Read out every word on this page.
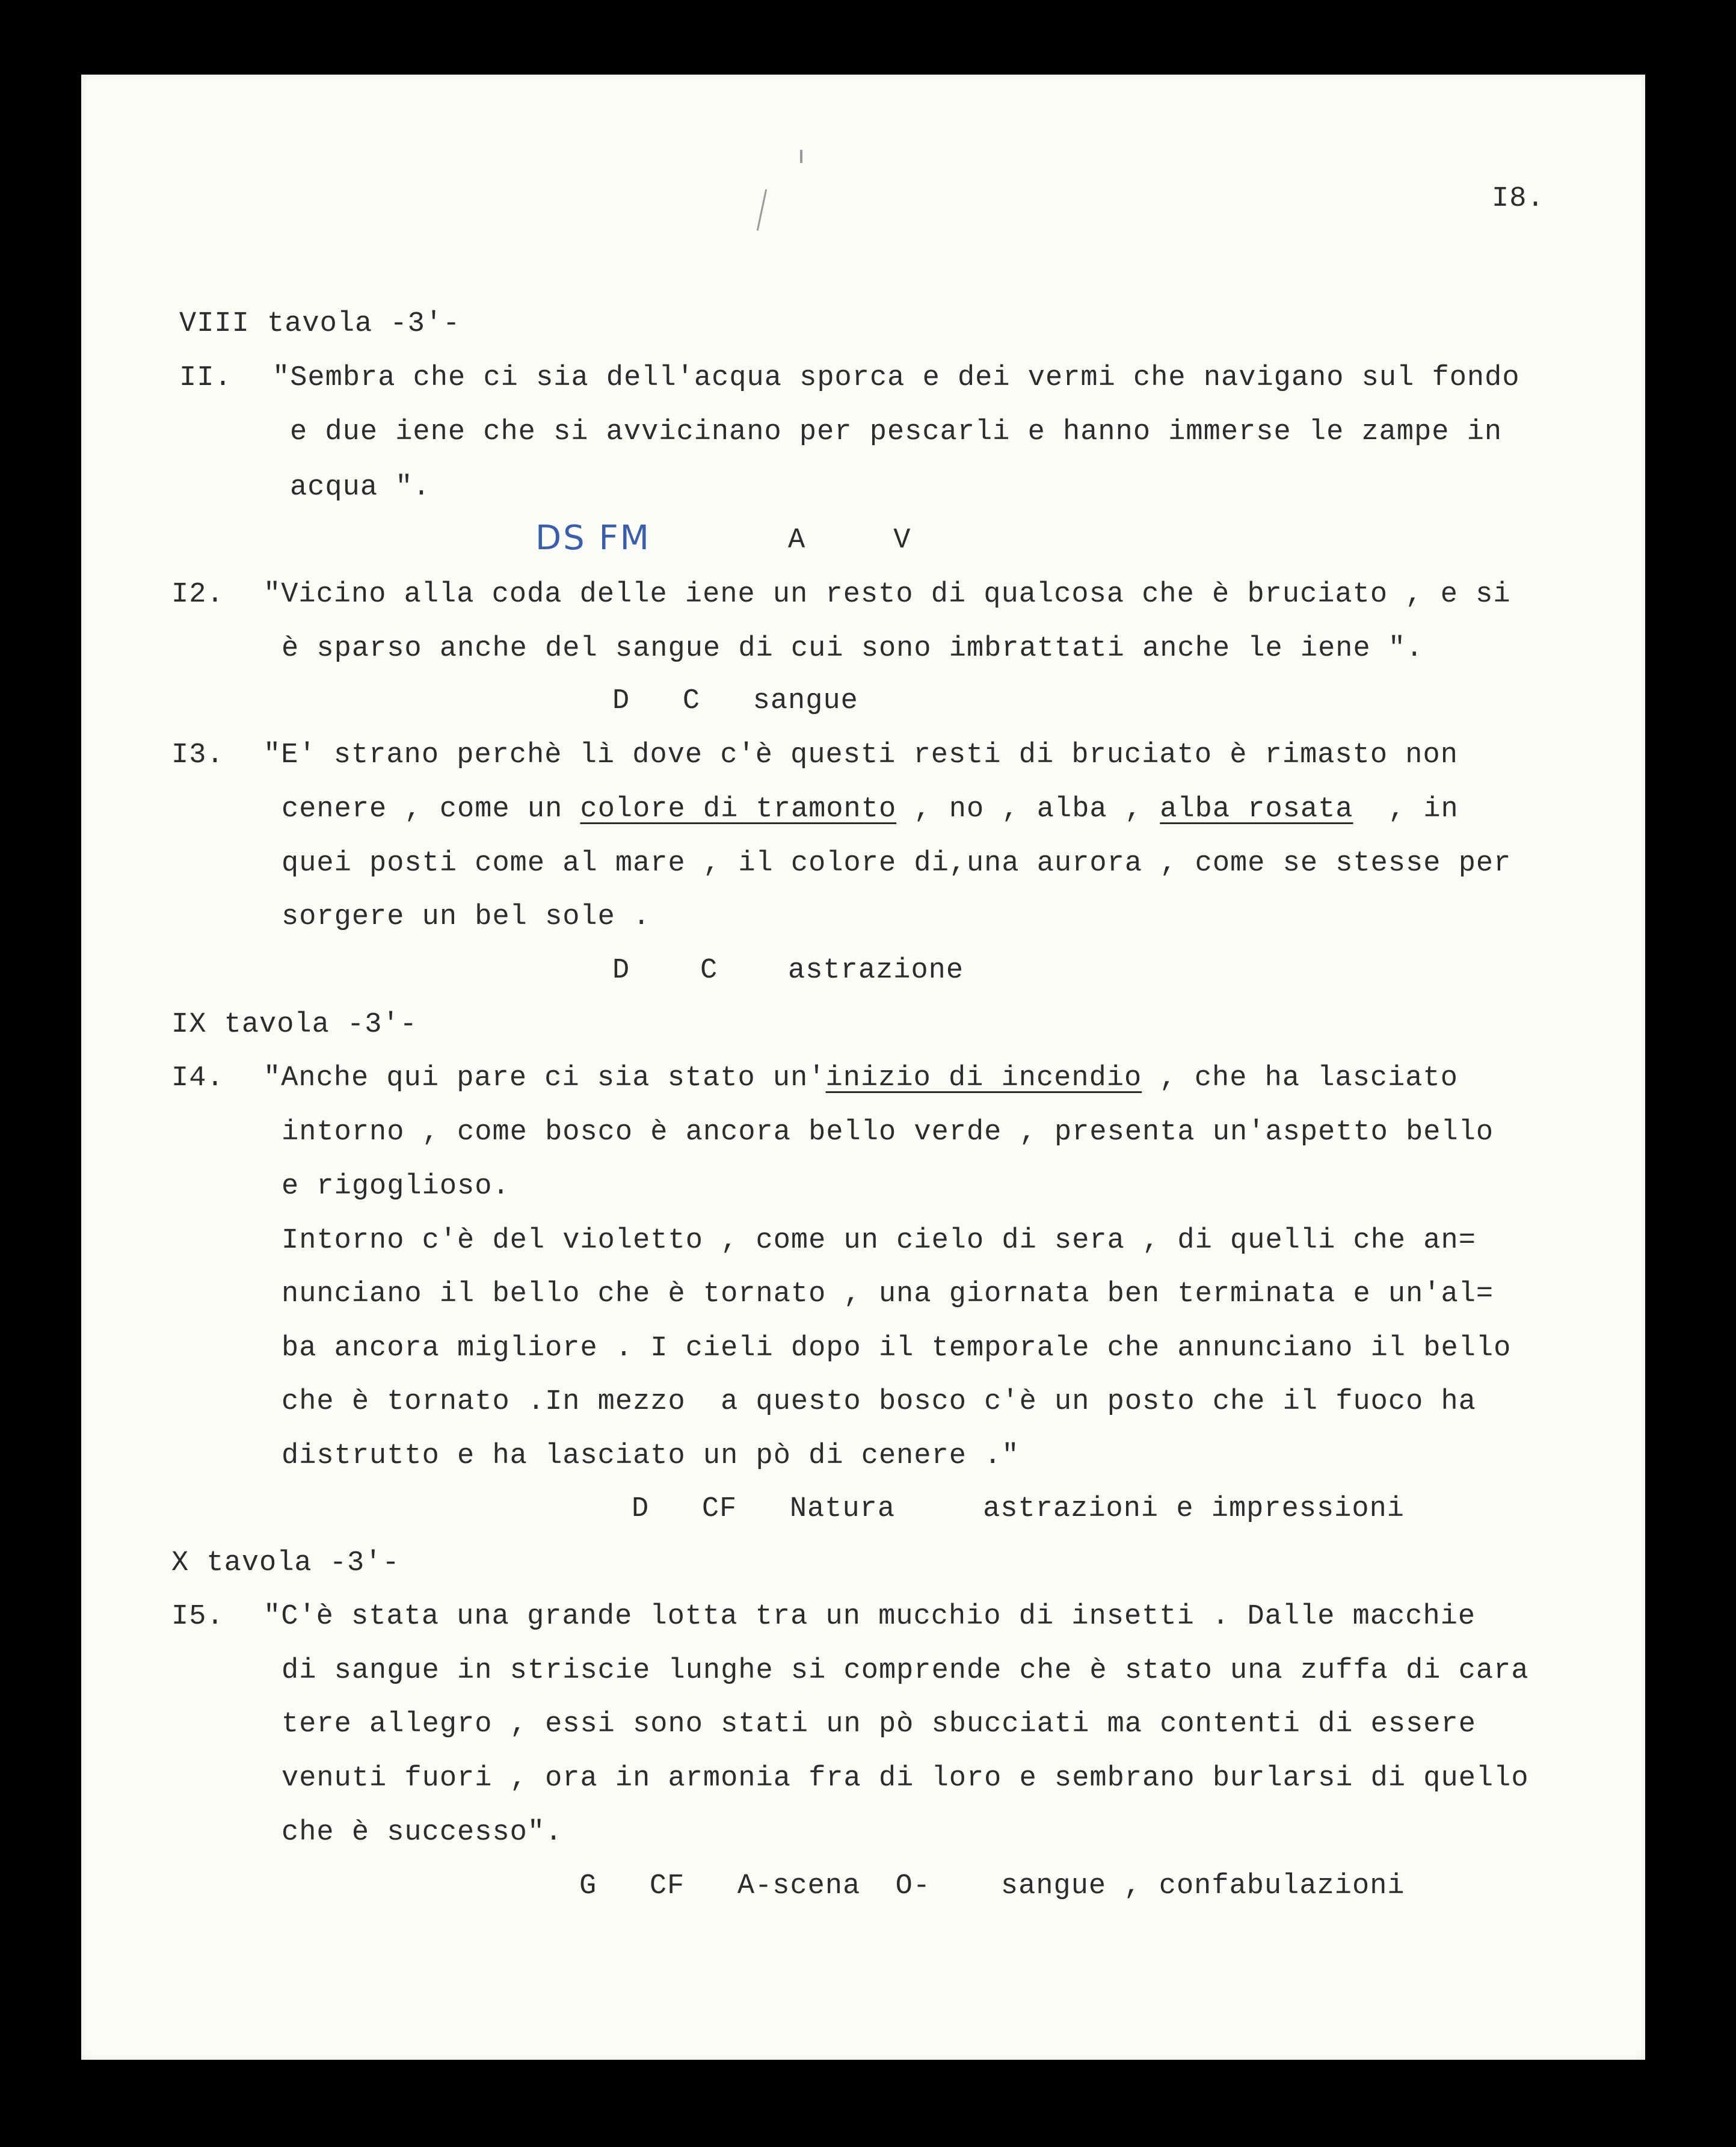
I8.
VIII tavola -3'-
II. "Sembra che ci sia dell'acqua sporca e dei vermi che navigano sul fondo
e due iene che si avvicinano per pescarli e hanno immerse le zampe in
acqua ".
DS FM	A     V
I2. "Vicino alla coda delle iene un resto di qualcosa che è bruciato , e si
è sparso anche del sangue di cui sono imbrattati anche le iene ".
D   C   sangue
I3. "E' strano perchè lì dove c'è questi resti di bruciato è rimasto non
cenere , come un colore di tramonto , no , alba , alba rosata  , in
quei posti come al mare , il colore di,una aurora , come se stesse per
sorgere un bel sole .
D    C    astrazione
IX tavola -3'-
I4. "Anche qui pare ci sia stato un'inizio di incendio , che ha lasciato
intorno , come bosco è ancora bello verde , presenta un'aspetto bello
e rigoglioso.
Intorno c'è del violetto , come un cielo di sera , di quelli che an=
nunciano il bello che è tornato , una giornata ben terminata e un'al=
ba ancora migliore . I cieli dopo il temporale che annunciano il bello
che è tornato .In mezzo  a questo bosco c'è un posto che il fuoco ha
distrutto e ha lasciato un pò di cenere ."
D   CF   Natura     astrazioni e impressioni
X tavola -3'-
I5. "C'è stata una grande lotta tra un mucchio di insetti . Dalle macchie
di sangue in striscie lunghe si comprende che è stato una zuffa di cara
tere allegro , essi sono stati un pò sbucciati ma contenti di essere
venuti fuori , ora in armonia fra di loro e sembrano burlarsi di quello
che è successo".
G   CF   A-scena  O-    sangue , confabulazioni
